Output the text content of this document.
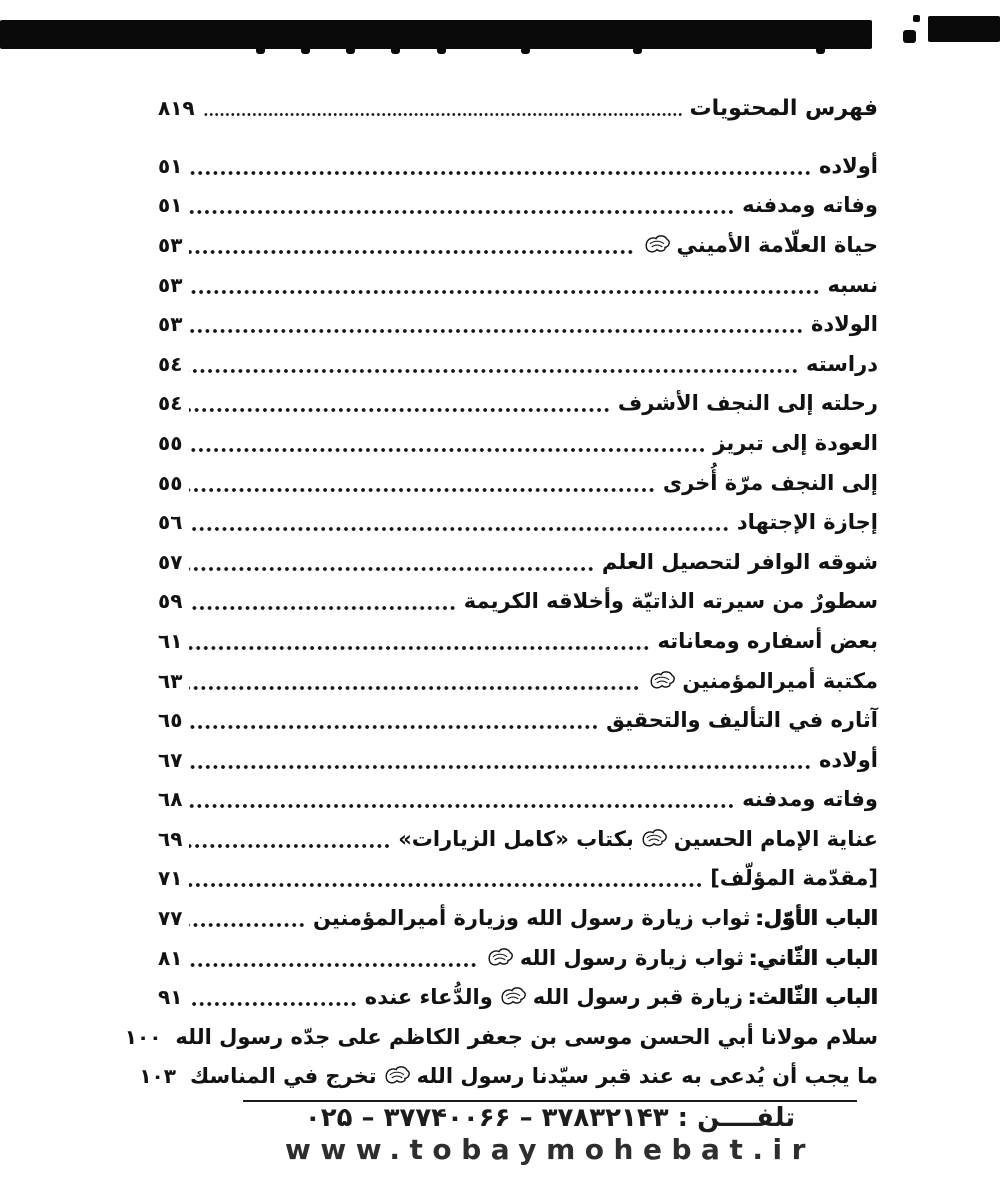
فهرس المحتويات
٨١٩
أولاده
٥١
وفاته ومدفنه
٥١
حياة العلّامة الأميني
٥٣
نسبه
٥٣
الولادة
٥٣
دراسته
٥٤
رحلته إلى النجف الأشرف
٥٤
العودة إلى تبريز
٥٥
إلى النجف مرّة أُخرى
٥٥
إجازة الإجتهاد
٥٦
شوقه الوافر لتحصيل العلم
٥٧
سطورٌ من سيرته الذاتيّة وأخلاقه الكريمة
٥٩
بعض أسفاره ومعاناته
٦١
مكتبة أميرالمؤمنين
٦٣
آثاره في التأليف والتحقيق
٦٥
أولاده
٦٧
وفاته ومدفنه
٦٨
عناية الإمام الحسين
بكتاب «كامل الزيارات»
٦٩
[مقدّمة المؤلّف]
٧١
الباب الأوّل:
ثواب زيارة رسول الله وزيارة أميرالمؤمنين
٧٧
الباب الثّاني:
ثواب زيارة رسول الله
٨١
الباب الثّالث:
زيارة قبر رسول الله
والدُّعاء عنده
٩١
سلام مولانا أبي الحسن موسى بن جعفر الكاظم على جدّه رسول الله
١٠٠
ما يجب أن يُدعى به عند قبر سيّدنا رسول الله
تخرج في المناسك
١٠٣
تلفــــن : ۳۷۸۳۲۱۴۳ – ۳۷۷۴۰۰۶۶ – ۰۲۵
www.tobaymohebat.ir
